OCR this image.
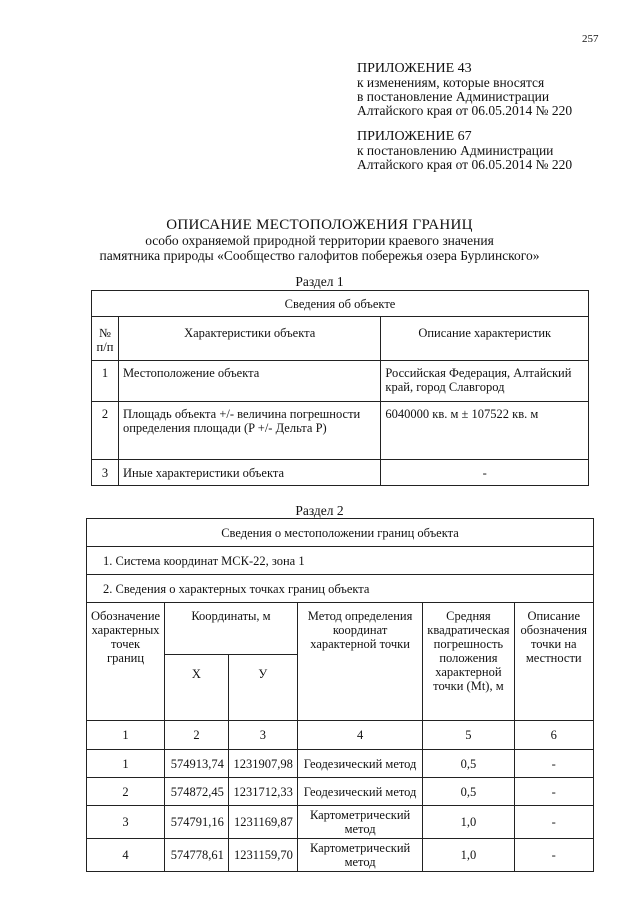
257
ПРИЛОЖЕНИЕ 43
к изменениям, которые вносятся
в постановление Администрации
Алтайского края от 06.05.2014 № 220
ПРИЛОЖЕНИЕ 67
к постановлению Администрации
Алтайского края от 06.05.2014 № 220
ОПИСАНИЕ МЕСТОПОЛОЖЕНИЯ ГРАНИЦ
особо охраняемой природной территории краевого значения
памятника природы «Сообщество галофитов побережья озера Бурлинского»
Раздел 1
Сведения об объекте		
№ п/п	Характеристики объекта	Описание характеристик
1	Местоположение объекта	Российская Федерация, Алтайский край, город Славгород
2	Площадь объекта +/- величина погрешности определения площади (P +/- Дельта P)	6040000 кв. м ± 107522 кв. м
3	Иные характеристики объекта	-
Раздел 2
Сведения о местоположении границ объекта					
1. Система координат МСК-22, зона 1					
2. Сведения о характерных точках границ объекта					
Обозначение характерных точек границ	Координаты, м		Метод определения координат характерной точки	Средняя квадратическая погрешность положения характерной точки (Mt), м	Описание обозначения точки на местности
	X	У			
1	2	3	4	5	6
1	574913,74	1231907,98	Геодезический метод	0,5	-
2	574872,45	1231712,33	Геодезический метод	0,5	-
3	574791,16	1231169,87	Картометрический метод	1,0	-
4	574778,61	1231159,70	Картометрический метод	1,0	-
